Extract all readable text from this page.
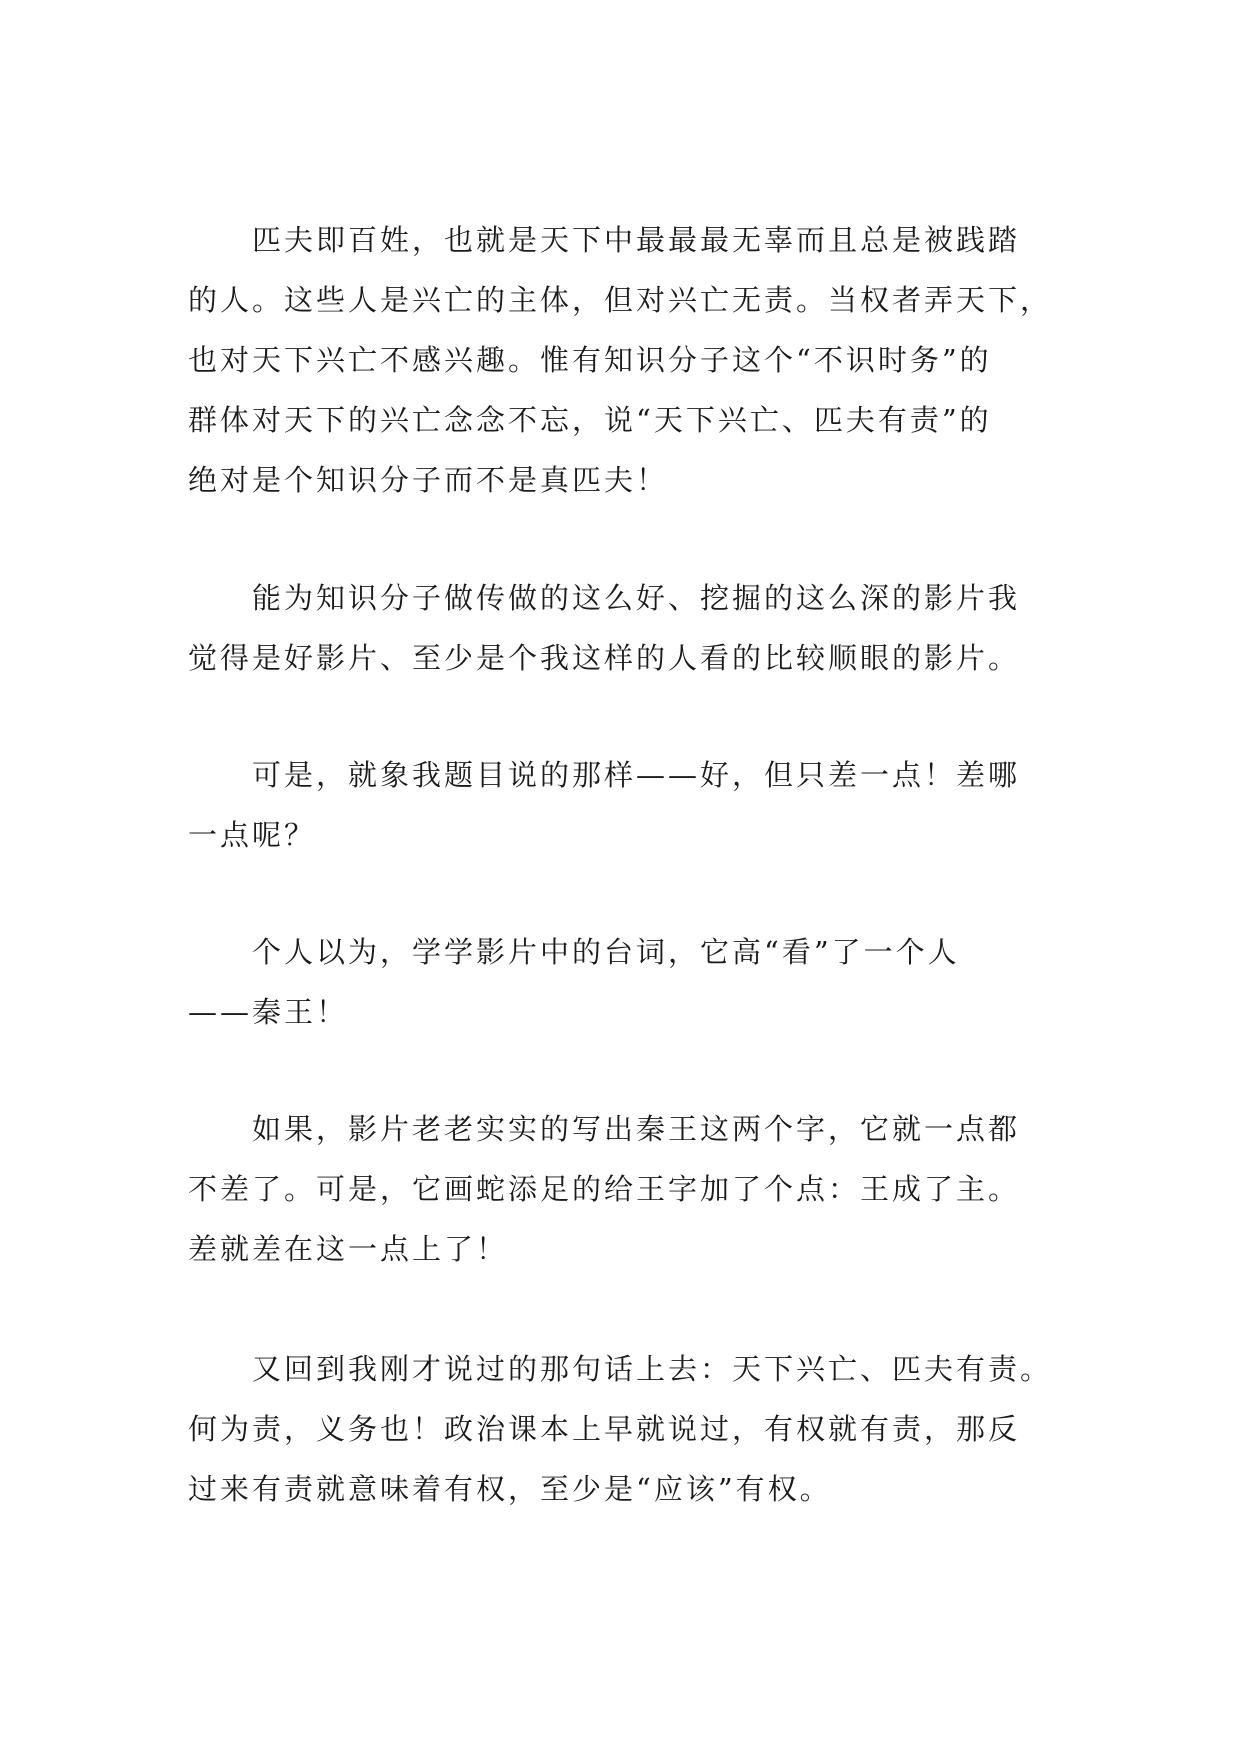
匹夫即百姓，也就是天下中最最最无辜而且总是被践踏
的人。这些人是兴亡的主体，但对兴亡无责。当权者弄天下，
也对天下兴亡不感兴趣。惟有知识分子这个“不识时务”的
群体对天下的兴亡念念不忘，说“天下兴亡、匹夫有责”的
绝对是个知识分子而不是真匹夫！

能为知识分子做传做的这么好、挖掘的这么深的影片我
觉得是好影片、至少是个我这样的人看的比较顺眼的影片。

可是，就象我题目说的那样——好，但只差一点！差哪
一点呢？

个人以为，学学影片中的台词，它高“看”了一个人
——秦王！

如果，影片老老实实的写出秦王这两个字，它就一点都
不差了。可是，它画蛇添足的给王字加了个点：王成了主。
差就差在这一点上了！

又回到我刚才说过的那句话上去：天下兴亡、匹夫有责。
何为责，义务也！政治课本上早就说过，有权就有责，那反
过来有责就意味着有权，至少是“应该”有权。
